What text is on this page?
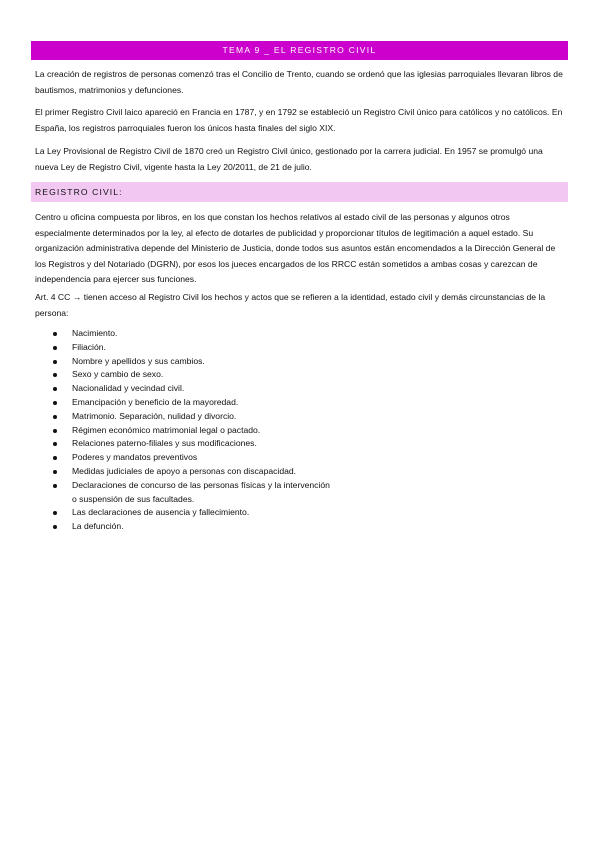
TEMA 9 _ EL REGISTRO CIVIL
La creación de registros de personas comenzó tras el Concilio de Trento, cuando se ordenó que las iglesias parroquiales llevaran libros de bautismos, matrimonios y defunciones.
El primer Registro Civil laico apareció en Francia en 1787, y en 1792 se estableció un Registro Civil único para católicos y no católicos. En España, los registros parroquiales fueron los únicos hasta finales del siglo XIX.
La Ley Provisional de Registro Civil de 1870 creó un Registro Civil único, gestionado por la carrera judicial. En 1957 se promulgó una nueva Ley de Registro Civil, vigente hasta la Ley 20/2011, de 21 de julio.
REGISTRO CIVIL:
Centro u oficina compuesta por libros, en los que constan los hechos relativos al estado civil de las personas y algunos otros especialmente determinados por la ley, al efecto de dotarles de publicidad y proporcionar títulos de legitimación a aquel estado. Su organización administrativa depende del Ministerio de Justicia, donde todos sus asuntos están encomendados a la Dirección General de los Registros y del Notariado (DGRN), por esos los jueces encargados de los RRCC están sometidos a ambas cosas y carezcan de independencia para ejercer sus funciones.
Art. 4 CC → tienen acceso al Registro Civil los hechos y actos que se refieren a la identidad, estado civil y demás circunstancias de la persona:
Nacimiento.
Filiación.
Nombre y apellidos y sus cambios.
Sexo y cambio de sexo.
Nacionalidad y vecindad civil.
Emancipación y beneficio de la mayoredad.
Matrimonio. Separación, nulidad y divorcio.
Régimen económico matrimonial legal o pactado.
Relaciones paterno-filiales y sus modificaciones.
Poderes y mandatos preventivos
Medidas judiciales de apoyo a personas con discapacidad.
Declaraciones de concurso de las personas físicas y la intervención o suspensión de sus facultades.
Las declaraciones de ausencia y fallecimiento.
La defunción.
